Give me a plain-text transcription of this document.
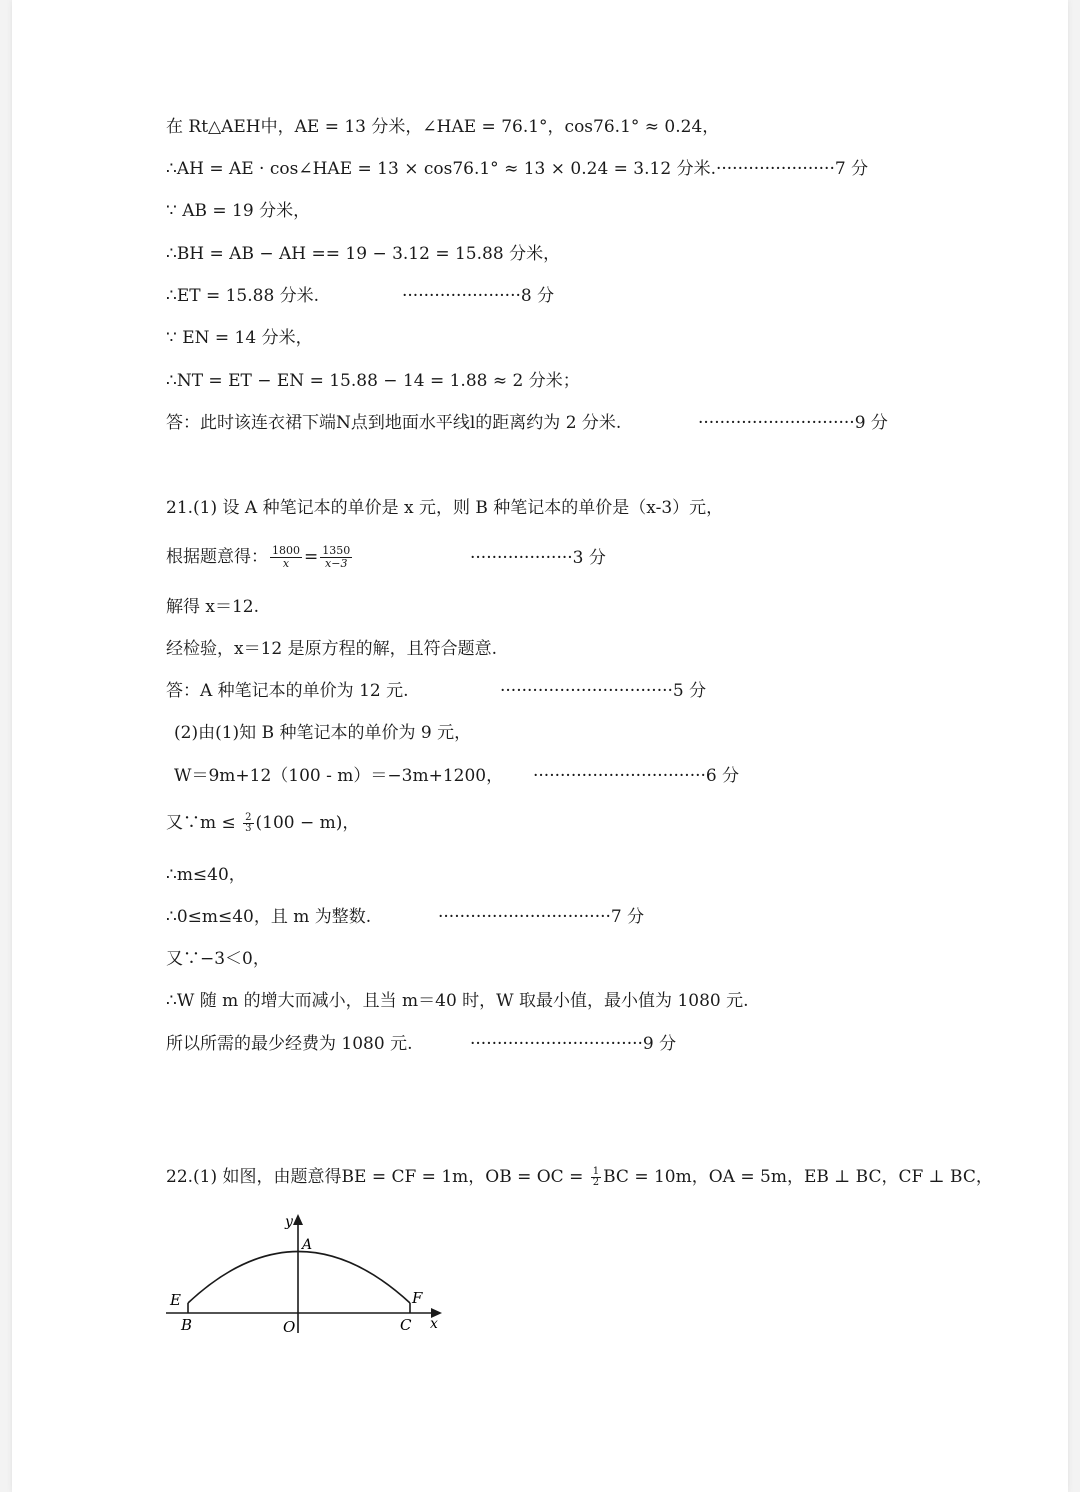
在 Rt△AEH中，AE = 13 分米，∠HAE = 76.1°，cos76.1° ≈ 0.24，
∴AH = AE · cos∠HAE = 13 × cos76.1° ≈ 13 × 0.24 = 3.12 分米.······················7 分
∵ AB = 19 分米，
∴BH = AB − AH == 19 − 3.12 = 15.88 分米，
∴ET = 15.88 分米.	······················8 分
∵ EN = 14 分米，
∴NT = ET − EN = 15.88 − 14 = 1.88 ≈ 2 分米；
答：此时该连衣裙下端N点到地面水平线l的距离约为 2 分米.	·····························9 分
21.(1) 设 A 种笔记本的单价是 x 元，则 B 种笔记本的单价是（x-3）元，
根据题意得： $\frac{1800}{x} = \frac{1350}{x-3}$	···················3 分
解得 x＝12.
经检验，x＝12 是原方程的解，且符合题意.
答：A 种笔记本的单价为 12 元.	································5 分
(2)由(1)知 B 种笔记本的单价为 9 元，
W＝9m+12（100 - m）＝−3m+1200， ································6 分
又∵m ≤ $\frac{2}{3} (100 - m)$，
∴m≤40，
∴0≤m≤40，且 m 为整数.	································7 分
又∵−3＜0，
∴W 随 m 的增大而减小，且当 m＝40 时，W 取最小值，最小值为 1080 元.
所以所需的最少经费为 1080 元.	································9 分
22.(1) 如图，由题意得BE = CF = 1m，OB = OC = $\frac{1}{2}$ BC = 10m，OA = 5m，EB ⊥ BC，CF ⊥ BC，
y
A
E	F
B	O	C x
